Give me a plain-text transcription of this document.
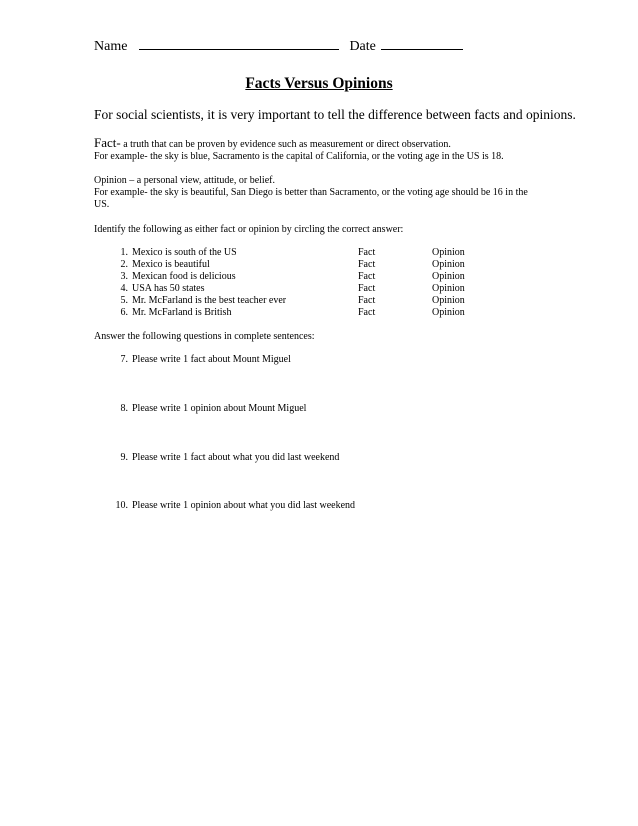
Name	Date
Facts Versus Opinions
For social scientists, it is very important to tell the difference between facts and opinions.
Fact- a truth that can be proven by evidence such as measurement or direct observation.
For example- the sky is blue, Sacramento is the capital of California, or the voting age in the US is 18.
Opinion – a personal view, attitude, or belief.
For example- the sky is beautiful, San Diego is better than Sacramento, or the voting age should be 16 in the US.
Identify the following as either fact or opinion by circling the correct answer:
1. Mexico is south of the US	Fact	Opinion
2. Mexico is beautiful	Fact	Opinion
3. Mexican food is delicious	Fact	Opinion
4. USA has 50 states	Fact	Opinion
5. Mr. McFarland is the best teacher ever	Fact	Opinion
6. Mr. McFarland is British	Fact	Opinion
Answer the following questions in complete sentences:
7. Please write 1 fact about Mount Miguel
8. Please write 1 opinion about Mount Miguel
9. Please write 1 fact about what you did last weekend
10. Please write 1 opinion about what you did last weekend
